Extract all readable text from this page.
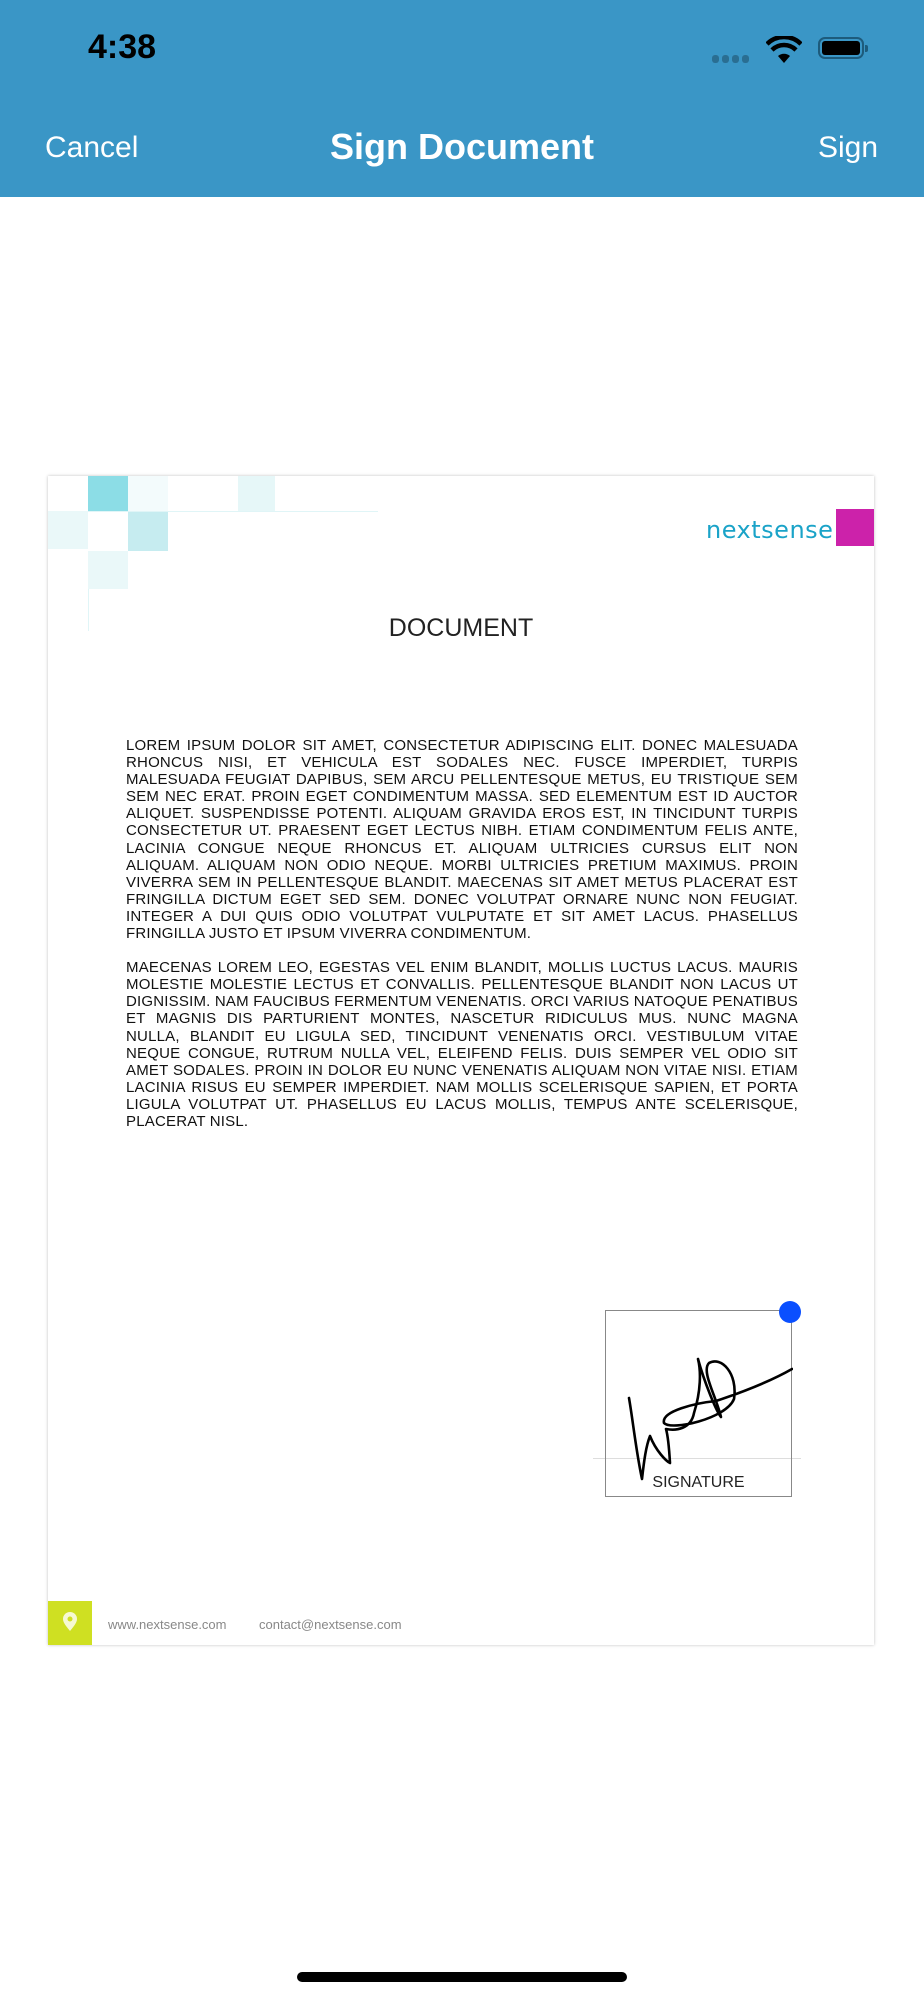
4:38
Cancel	Sign Document	Sign
nextsense
DOCUMENT

LOREM IPSUM DOLOR SIT AMET, CONSECTETUR ADIPISCING ELIT. DONEC MALESUADA RHONCUS NISI, ET VEHICULA EST SODALES NEC. FUSCE IMPERDIET, TURPIS MALESUADA FEUGIAT DAPIBUS, SEM ARCU PELLENTESQUE METUS, EU TRISTIQUE SEM SEM NEC ERAT. PROIN EGET CONDIMENTUM MASSA. SED ELEMENTUM EST ID AUCTOR ALIQUET. SUSPENDISSE POTENTI. ALIQUAM GRAVIDA EROS EST, IN TINCIDUNT TURPIS CONSECTETUR UT. PRAESENT EGET LECTUS NIBH. ETIAM CONDIMENTUM FELIS ANTE, LACINIA CONGUE NEQUE RHONCUS ET. ALIQUAM ULTRICIES CURSUS ELIT NON ALIQUAM. ALIQUAM NON ODIO NEQUE. MORBI ULTRICIES PRETIUM MAXIMUS. PROIN VIVERRA SEM IN PELLENTESQUE BLANDIT. MAECENAS SIT AMET METUS PLACERAT EST FRINGILLA DICTUM EGET SED SEM. DONEC VOLUTPAT ORNARE NUNC NON FEUGIAT. INTEGER A DUI QUIS ODIO VOLUTPAT VULPUTATE ET SIT AMET LACUS. PHASELLUS FRINGILLA JUSTO ET IPSUM VIVERRA CONDIMENTUM.

MAECENAS LOREM LEO, EGESTAS VEL ENIM BLANDIT, MOLLIS LUCTUS LACUS. MAURIS MOLESTIE MOLESTIE LECTUS ET CONVALLIS. PELLENTESQUE BLANDIT NON LACUS UT DIGNISSIM. NAM FAUCIBUS FERMENTUM VENENATIS. ORCI VARIUS NATOQUE PENATIBUS ET MAGNIS DIS PARTURIENT MONTES, NASCETUR RIDICULUS MUS. NUNC MAGNA NULLA, BLANDIT EU LIGULA SED, TINCIDUNT VENENATIS ORCI. VESTIBULUM VITAE NEQUE CONGUE, RUTRUM NULLA VEL, ELEIFEND FELIS. DUIS SEMPER VEL ODIO SIT AMET SODALES. PROIN IN DOLOR EU NUNC VENENATIS ALIQUAM NON VITAE NISI. ETIAM LACINIA RISUS EU SEMPER IMPERDIET. NAM MOLLIS SCELERISQUE SAPIEN, ET PORTA LIGULA VOLUTPAT UT. PHASELLUS EU LACUS MOLLIS, TEMPUS ANTE SCELERISQUE, PLACERAT NISL.

SIGNATURE
www.nextsense.com	contact@nextsense.com
